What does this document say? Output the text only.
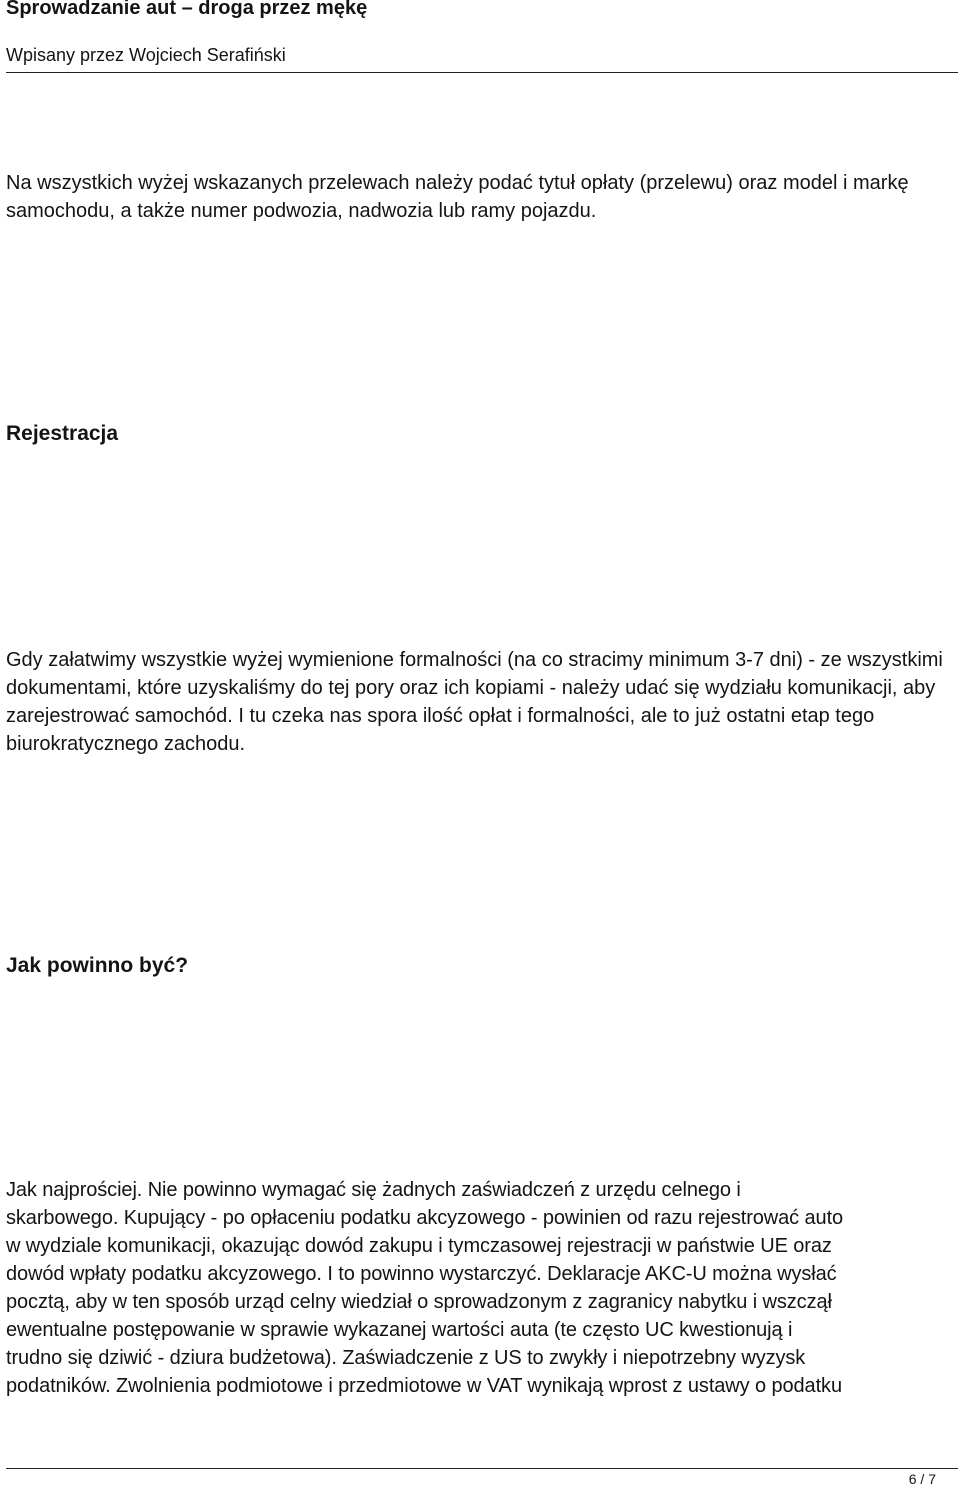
Sprowadzanie aut – droga przez mękę
Wpisany przez Wojciech Serafiński

Na wszystkich wyżej wskazanych przelewach należy podać tytuł opłaty (przelewu) oraz model i markę samochodu, a także numer podwozia, nadwozia lub ramy pojazdu.

Rejestracja

Gdy załatwimy wszystkie wyżej wymienione formalności (na co stracimy minimum 3-7 dni) - ze wszystkimi dokumentami, które uzyskaliśmy do tej pory oraz ich kopiami - należy udać się wydziału komunikacji, aby zarejestrować samochód. I tu czeka nas spora ilość opłat i formalności, ale to już ostatni etap tego biurokratycznego zachodu.

Jak powinno być?

Jak najprościej. Nie powinno wymagać się żadnych zaświadczeń z urzędu celnego i
skarbowego. Kupujący - po opłaceniu podatku akcyzowego - powinien od razu rejestrować auto
w wydziale komunikacji, okazując dowód zakupu i tymczasowej rejestracji w państwie UE oraz
dowód wpłaty podatku akcyzowego. I to powinno wystarczyć. Deklaracje AKC-U można wysłać
pocztą, aby w ten sposób urząd celny wiedział o sprowadzonym z zagranicy nabytku i wszczął
ewentualne postępowanie w sprawie wykazanej wartości auta (te często UC kwestionują i
trudno się dziwić - dziura budżetowa). Zaświadczenie z US to zwykły i niepotrzebny wyzysk
podatników. Zwolnienia podmiotowe i przedmiotowe w VAT wynikają wprost z ustawy o podatku

6 / 7
